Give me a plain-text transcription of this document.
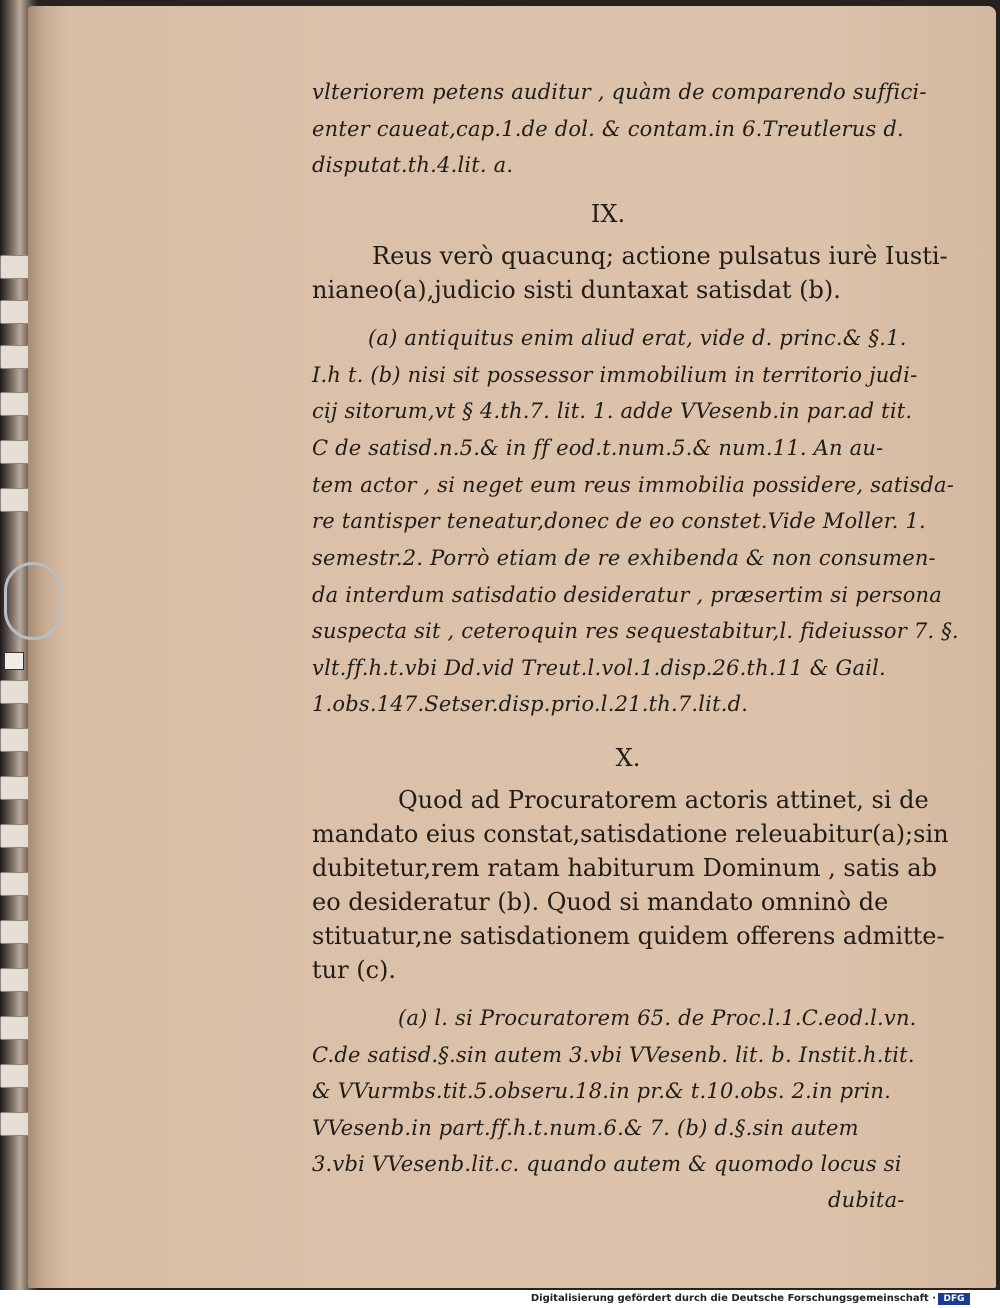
vlteriorem petens auditur , quàm de comparendo suffici-

enter caueat,cap.1.de dol. & contam.in 6.Treutlerus d.

disputat.th.4.lit. a.

IX.

Reus verò quacunq; actione pulsatus iurè Iusti-

nianeo(a),judicio sisti duntaxat satisdat (b).

(a) antiquitus enim aliud erat, vide d. princ.& §.1.

I.h t. (b) nisi sit possessor immobilium in territorio judi-

cij sitorum,vt § 4.th.7. lit. 1. adde VVesenb.in par.ad tit.

C de satisd.n.5.& in ff eod.t.num.5.& num.11. An au-

tem actor , si neget eum reus immobilia possidere, satisda-

re tantisper teneatur,donec de eo constet.Vide Moller. 1.

semestr.2. Porrò etiam de re exhibenda & non consumen-

da interdum satisdatio desideratur , præsertim si persona

suspecta sit , ceteroquin res sequestabitur,l. fideiussor 7. §.

vlt.ff.h.t.vbi Dd.vid Treut.l.vol.1.disp.26.th.11 & Gail.

1.obs.147.Setser.disp.prio.l.21.th.7.lit.d.

X.

Quod ad Procuratorem actoris attinet, si de

mandato eius constat,satisdatione releuabitur(a);sin

dubitetur,rem ratam habiturum Dominum , satis ab

eo desideratur (b). Quod si mandato omninò de

stituatur,ne satisdationem quidem offerens admitte-

tur (c).

(a) l. si Procuratorem 65. de Proc.l.1.C.eod.l.vn.

C.de satisd.§.sin autem 3.vbi VVesenb. lit. b. Instit.h.tit.

& VVurmbs.tit.5.obseru.18.in pr.& t.10.obs. 2.in prin.

VVesenb.in part.ff.h.t.num.6.& 7. (b) d.§.sin autem

3.vbi VVesenb.lit.c. quando autem & quomodo locus si

dubita-

Digitalisierung gefördert durch die Deutsche Forschungsgemeinschaft · DFG
